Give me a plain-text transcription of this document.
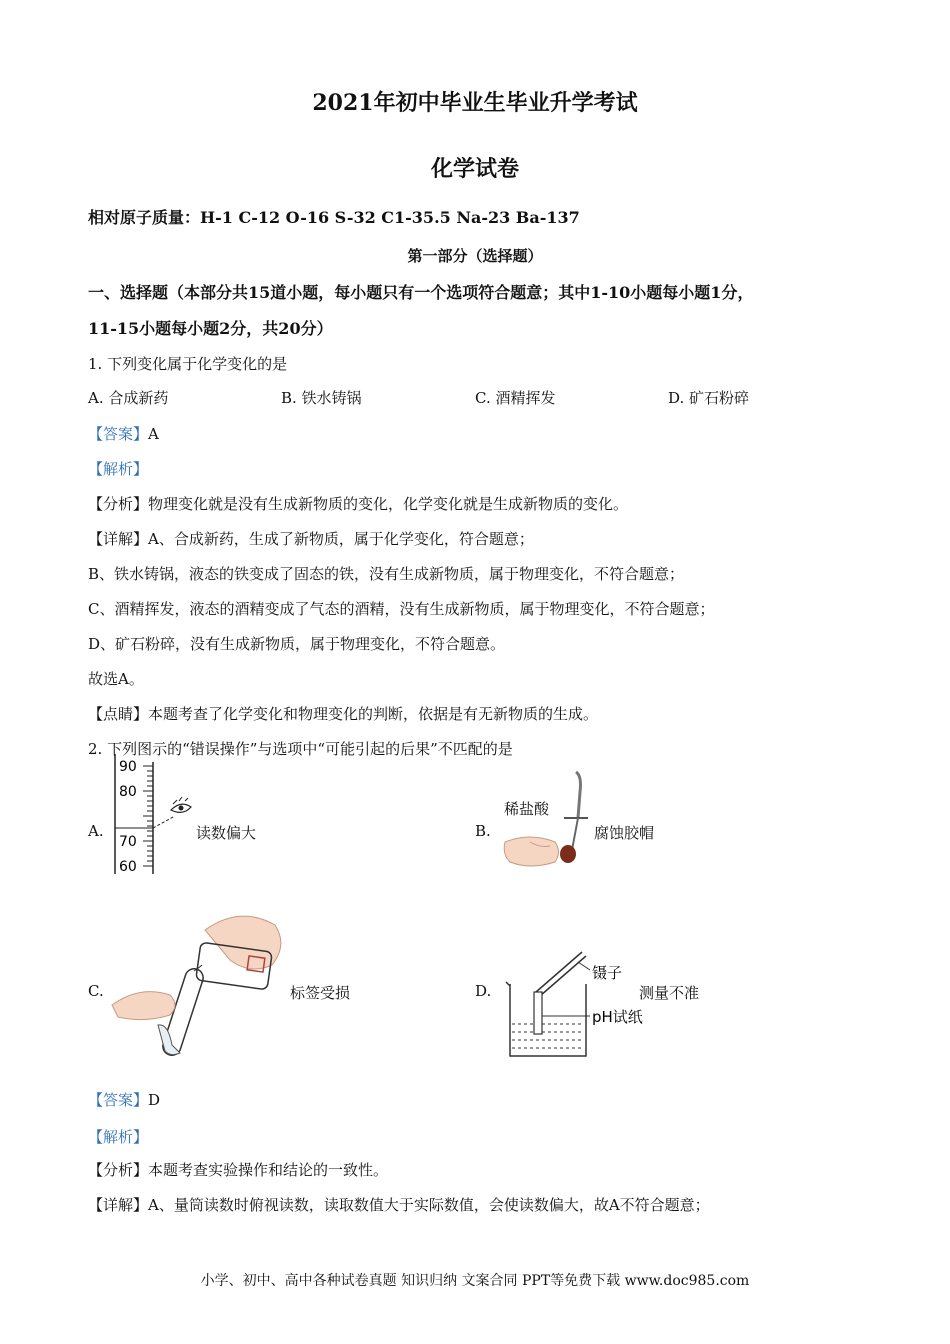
2021年初中毕业生毕业升学考试
化学试卷
相对原子质量：H-1 C-12 O-16 S-32 C1-35.5 Na-23 Ba-137
第一部分（选择题）
一、选择题（本部分共15道小题，每小题只有一个选项符合题意；其中1-10小题每小题1分，
11-15小题每小题2分，共20分）
1. 下列变化属于化学变化的是
A. 合成新药	B. 铁水铸锅	C. 酒精挥发	D. 矿石粉碎
【答案】A
【解析】
【分析】物理变化就是没有生成新物质的变化，化学变化就是生成新物质的变化。
【详解】A、合成新药，生成了新物质，属于化学变化，符合题意；
B、铁水铸锅，液态的铁变成了固态的铁，没有生成新物质，属于物理变化，不符合题意；
C、酒精挥发，液态的酒精变成了气态的酒精，没有生成新物质，属于物理变化，不符合题意；
D、矿石粉碎，没有生成新物质，属于物理变化，不符合题意。
故选A。
【点睛】本题考查了化学变化和物理变化的判断，依据是有无新物质的生成。
2. 下列图示的“错误操作”与选项中“可能引起的后果”不匹配的是
A.
90
80
70
60
读数偏大	B.
稀盐酸
腐蚀胶帽
C.	标签受损	D.
镊子
pH试纸
测量不准
【答案】D
【解析】
【分析】本题考查实验操作和结论的一致性。
【详解】A、量筒读数时俯视读数，读取数值大于实际数值，会使读数偏大，故A不符合题意；
小学、初中、高中各种试卷真题 知识归纳 文案合同 PPT等免费下载 www.doc985.com
